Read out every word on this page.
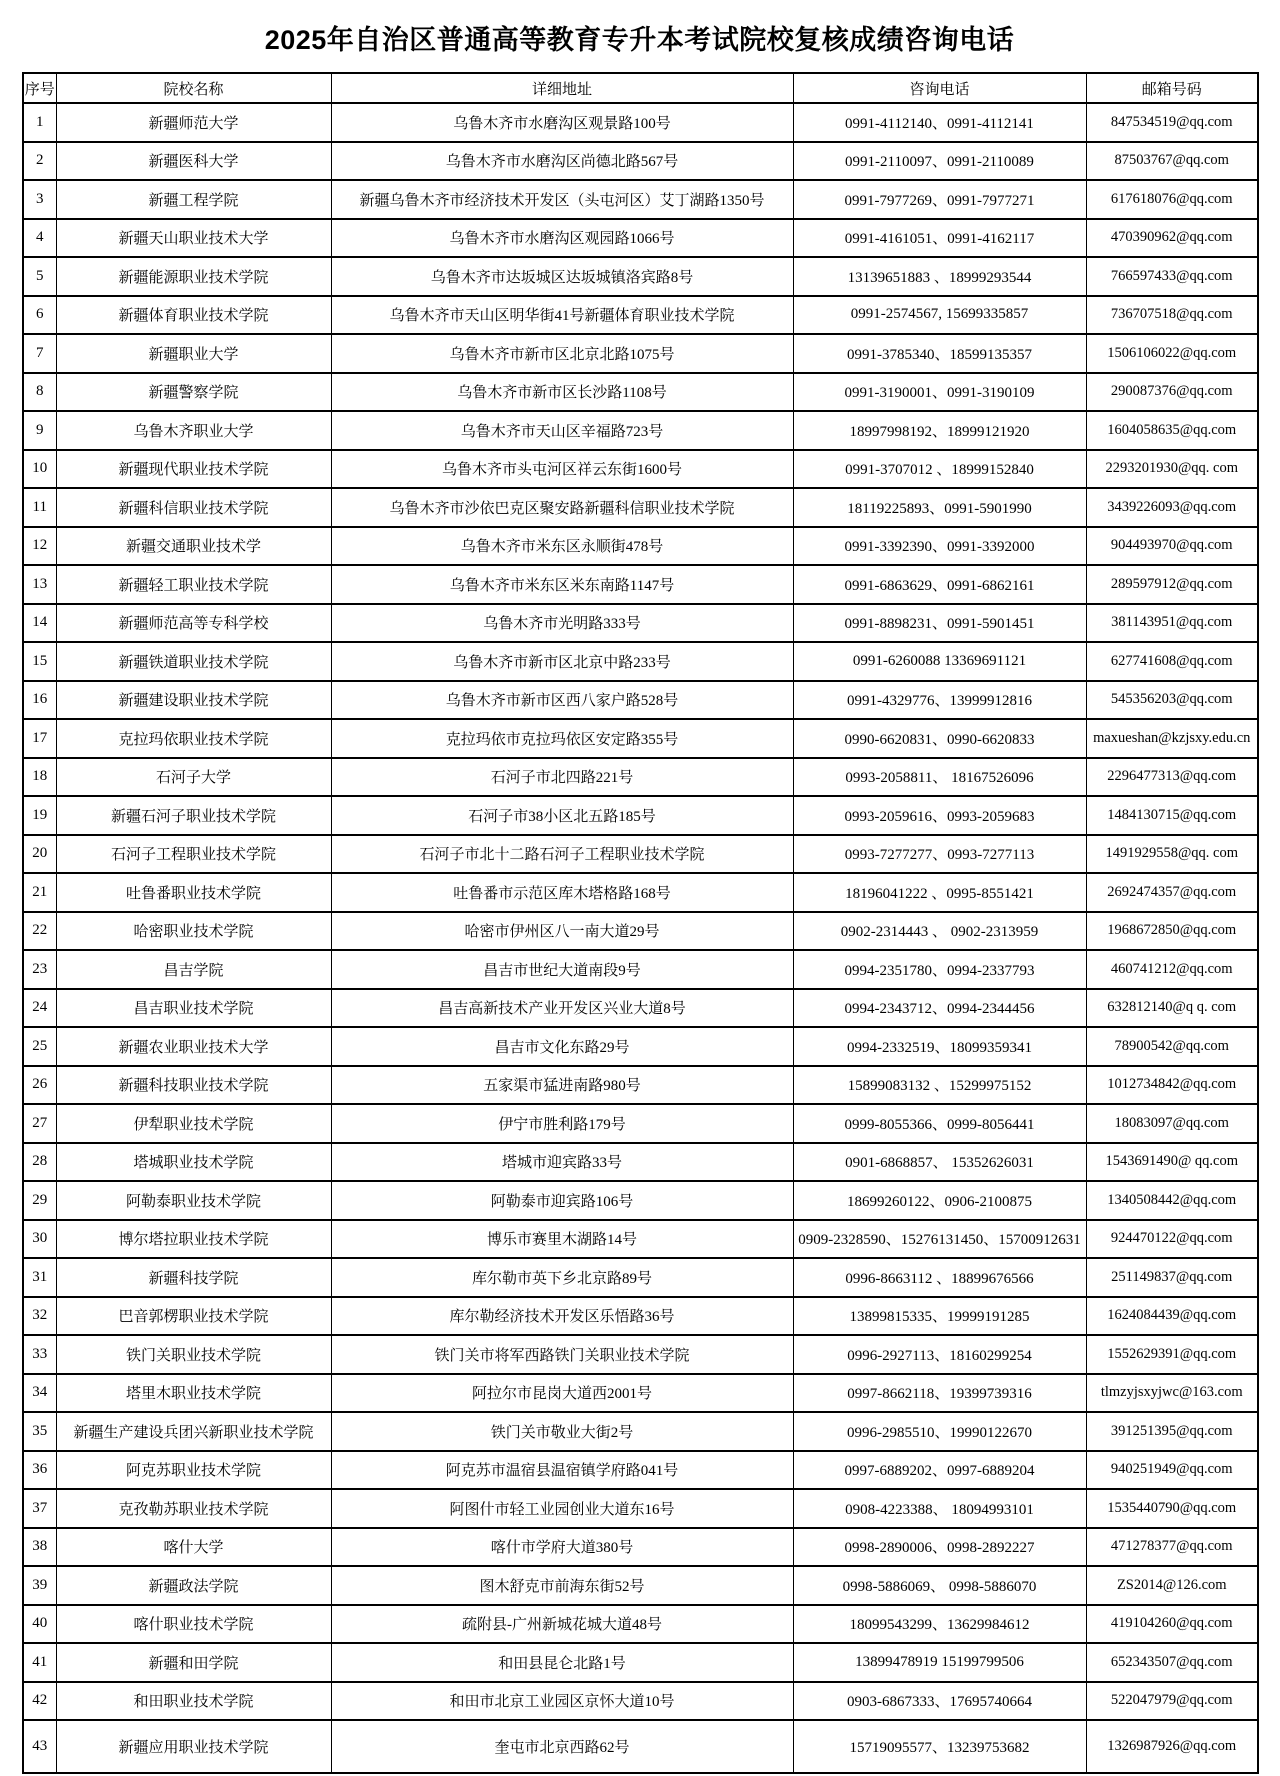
2025年自治区普通高等教育专升本考试院校复核成绩咨询电话
序号	院校名称	详细地址	咨询电话	邮箱号码
1	新疆师范大学	乌鲁木齐市水磨沟区观景路100号	0991-4112140、0991-4112141	847534519@qq.com
2	新疆医科大学	乌鲁木齐市水磨沟区尚德北路567号	0991-2110097、0991-2110089	87503767@qq.com
3	新疆工程学院	新疆乌鲁木齐市经济技术开发区（头屯河区）艾丁湖路1350号	0991-7977269、0991-7977271	617618076@qq.com
4	新疆天山职业技术大学	乌鲁木齐市水磨沟区观园路1066号	0991-4161051、0991-4162117	470390962@qq.com
5	新疆能源职业技术学院	乌鲁木齐市达坂城区达坂城镇洛宾路8号	13139651883 、18999293544	766597433@qq.com
6	新疆体育职业技术学院	乌鲁木齐市天山区明华街41号新疆体育职业技术学院	0991-2574567, 15699335857	736707518@qq.com
7	新疆职业大学	乌鲁木齐市新市区北京北路1075号	0991-3785340、18599135357	1506106022@qq.com
8	新疆警察学院	乌鲁木齐市新市区长沙路1108号	0991-3190001、0991-3190109	290087376@qq.com
9	乌鲁木齐职业大学	乌鲁木齐市天山区辛福路723号	18997998192、18999121920	1604058635@qq.com
10	新疆现代职业技术学院	乌鲁木齐市头屯河区祥云东街1600号	0991-3707012 、18999152840	2293201930@qq. com
11	新疆科信职业技术学院	乌鲁木齐市沙依巴克区聚安路新疆科信职业技术学院	18119225893、0991-5901990	3439226093@qq.com
12	新疆交通职业技术学	乌鲁木齐市米东区永顺街478号	0991-3392390、0991-3392000	904493970@qq.com
13	新疆轻工职业技术学院	乌鲁木齐市米东区米东南路1147号	0991-6863629、0991-6862161	289597912@qq.com
14	新疆师范高等专科学校	乌鲁木齐市光明路333号	0991-8898231、0991-5901451	381143951@qq.com
15	新疆铁道职业技术学院	乌鲁木齐市新市区北京中路233号	0991-6260088 13369691121	627741608@qq.com
16	新疆建设职业技术学院	乌鲁木齐市新市区西八家户路528号	0991-4329776、13999912816	545356203@qq.com
17	克拉玛依职业技术学院	克拉玛依市克拉玛依区安定路355号	0990-6620831、0990-6620833	maxueshan@kzjsxy.edu.cn
18	石河子大学	石河子市北四路221号	0993-2058811、 18167526096	2296477313@qq.com
19	新疆石河子职业技术学院	石河子市38小区北五路185号	0993-2059616、0993-2059683	1484130715@qq.com
20	石河子工程职业技术学院	石河子市北十二路石河子工程职业技术学院	0993-7277277、0993-7277113	1491929558@qq. com
21	吐鲁番职业技术学院	吐鲁番市示范区库木塔格路168号	18196041222 、0995-8551421	2692474357@qq.com
22	哈密职业技术学院	哈密市伊州区八一南大道29号	0902-2314443 、 0902-2313959	1968672850@qq.com
23	昌吉学院	昌吉市世纪大道南段9号	0994-2351780、0994-2337793	460741212@qq.com
24	昌吉职业技术学院	昌吉高新技术产业开发区兴业大道8号	0994-2343712、0994-2344456	632812140@q q. com
25	新疆农业职业技术大学	昌吉市文化东路29号	0994-2332519、18099359341	78900542@qq.com
26	新疆科技职业技术学院	五家渠市猛进南路980号	15899083132 、15299975152	1012734842@qq.com
27	伊犁职业技术学院	伊宁市胜利路179号	0999-8055366、0999-8056441	18083097@qq.com
28	塔城职业技术学院	塔城市迎宾路33号	0901-6868857、 15352626031	1543691490@ qq.com
29	阿勒泰职业技术学院	阿勒泰市迎宾路106号	18699260122、0906-2100875	1340508442@qq.com
30	博尔塔拉职业技术学院	博乐市赛里木湖路14号	0909-2328590、15276131450、15700912631	924470122@qq.com
31	新疆科技学院	库尔勒市英下乡北京路89号	0996-8663112 、18899676566	251149837@qq.com
32	巴音郭楞职业技术学院	库尔勒经济技术开发区乐悟路36号	13899815335、19999191285	1624084439@qq.com
33	铁门关职业技术学院	铁门关市将军西路铁门关职业技术学院	0996-2927113、18160299254	1552629391@qq.com
34	塔里木职业技术学院	阿拉尔市昆岗大道西2001号	0997-8662118、19399739316	tlmzyjsxyjwc@163.com
35	新疆生产建设兵团兴新职业技术学院	铁门关市敬业大街2号	0996-2985510、19990122670	391251395@qq.com
36	阿克苏职业技术学院	阿克苏市温宿县温宿镇学府路041号	0997-6889202、0997-6889204	940251949@qq.com
37	克孜勒苏职业技术学院	阿图什市轻工业园创业大道东16号	0908-4223388、 18094993101	1535440790@qq.com
38	喀什大学	喀什市学府大道380号	0998-2890006、0998-2892227	471278377@qq.com
39	新疆政法学院	图木舒克市前海东街52号	0998-5886069、 0998-5886070	ZS2014@126.com
40	喀什职业技术学院	疏附县-广州新城花城大道48号	18099543299、13629984612	419104260@qq.com
41	新疆和田学院	和田县昆仑北路1号	13899478919 15199799506	652343507@qq.com
42	和田职业技术学院	和田市北京工业园区京怀大道10号	0903-6867333、17695740664	522047979@qq.com
43	新疆应用职业技术学院	奎屯市北京西路62号	15719095577、13239753682	1326987926@qq.com
